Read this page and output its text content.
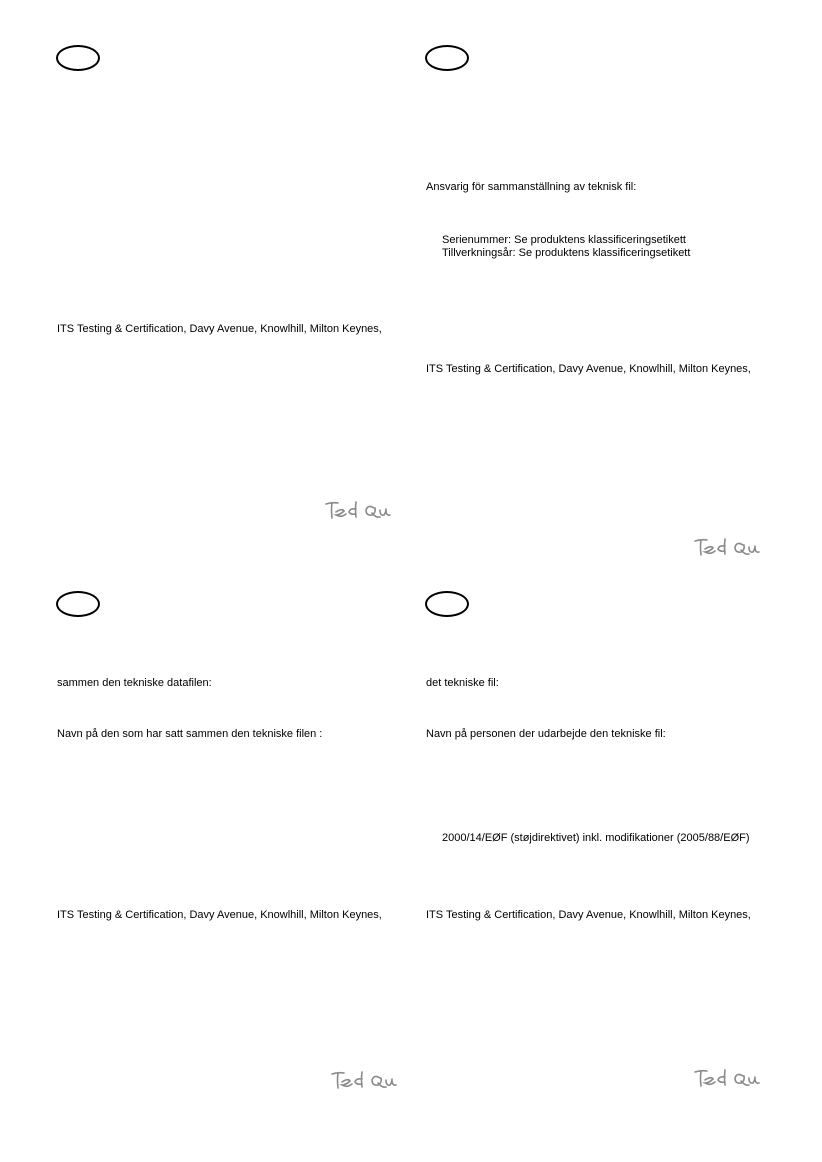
ITS Testing & Certification, Davy Avenue, Knowlhill, Milton Keynes,
Ansvarig för sammanställning av teknisk fil:
Serienummer: Se produktens klassificeringsetikett
Tillverkningsår: Se produktens klassificeringsetikett
ITS Testing & Certification, Davy Avenue, Knowlhill, Milton Keynes,
sammen den tekniske datafilen:
Navn på den som har satt sammen den tekniske filen :
ITS Testing & Certification, Davy Avenue, Knowlhill, Milton Keynes,
det tekniske fil:
Navn på personen der udarbejde den tekniske fil:
2000/14/EØF (støjdirektivet) inkl. modifikationer (2005/88/EØF)
ITS Testing & Certification, Davy Avenue, Knowlhill, Milton Keynes,
